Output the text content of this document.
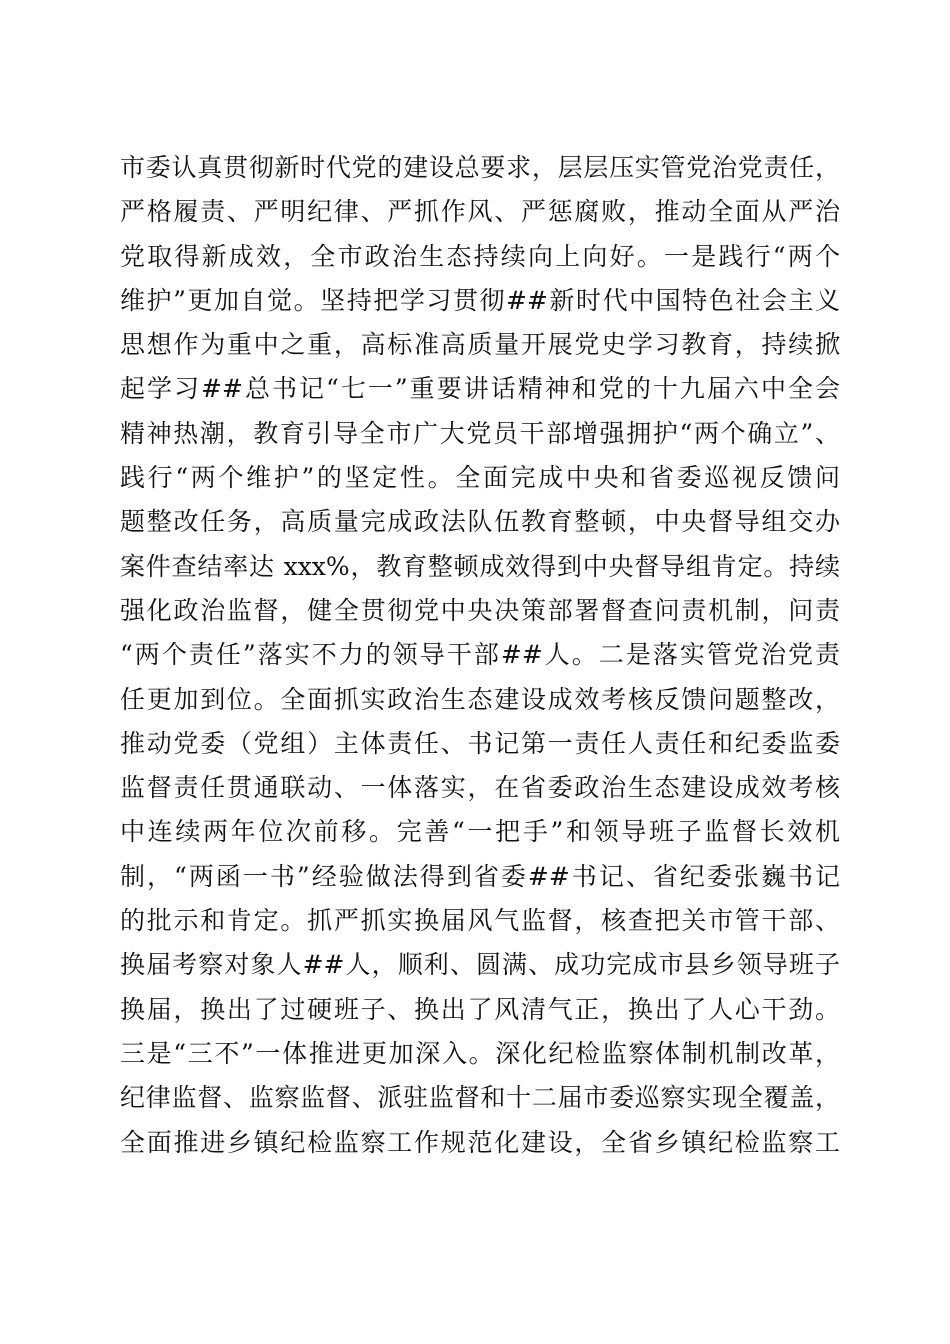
市委认真贯彻新时代党的建设总要求，层层压实管党治党责任，
严格履责、严明纪律、严抓作风、严惩腐败，推动全面从严治
党取得新成效，全市政治生态持续向上向好。一是践行“两个
维护”更加自觉。坚持把学习贯彻##新时代中国特色社会主义
思想作为重中之重，高标准高质量开展党史学习教育，持续掀
起学习##总书记“七一”重要讲话精神和党的十九届六中全会
精神热潮，教育引导全市广大党员干部增强拥护“两个确立”、
践行“两个维护”的坚定性。全面完成中央和省委巡视反馈问
题整改任务，高质量完成政法队伍教育整顿，中央督导组交办
案件查结率达 xxx%，教育整顿成效得到中央督导组肯定。持续
强化政治监督，健全贯彻党中央决策部署督查问责机制，问责
“两个责任”落实不力的领导干部##人。二是落实管党治党责
任更加到位。全面抓实政治生态建设成效考核反馈问题整改，
推动党委（党组）主体责任、书记第一责任人责任和纪委监委
监督责任贯通联动、一体落实，在省委政治生态建设成效考核
中连续两年位次前移。完善“一把手”和领导班子监督长效机
制，“两函一书”经验做法得到省委##书记、省纪委张巍书记
的批示和肯定。抓严抓实换届风气监督，核查把关市管干部、
换届考察对象人##人，顺利、圆满、成功完成市县乡领导班子
换届，换出了过硬班子、换出了风清气正，换出了人心干劲。
三是“三不”一体推进更加深入。深化纪检监察体制机制改革，
纪律监督、监察监督、派驻监督和十二届市委巡察实现全覆盖，
全面推进乡镇纪检监察工作规范化建设，全省乡镇纪检监察工
